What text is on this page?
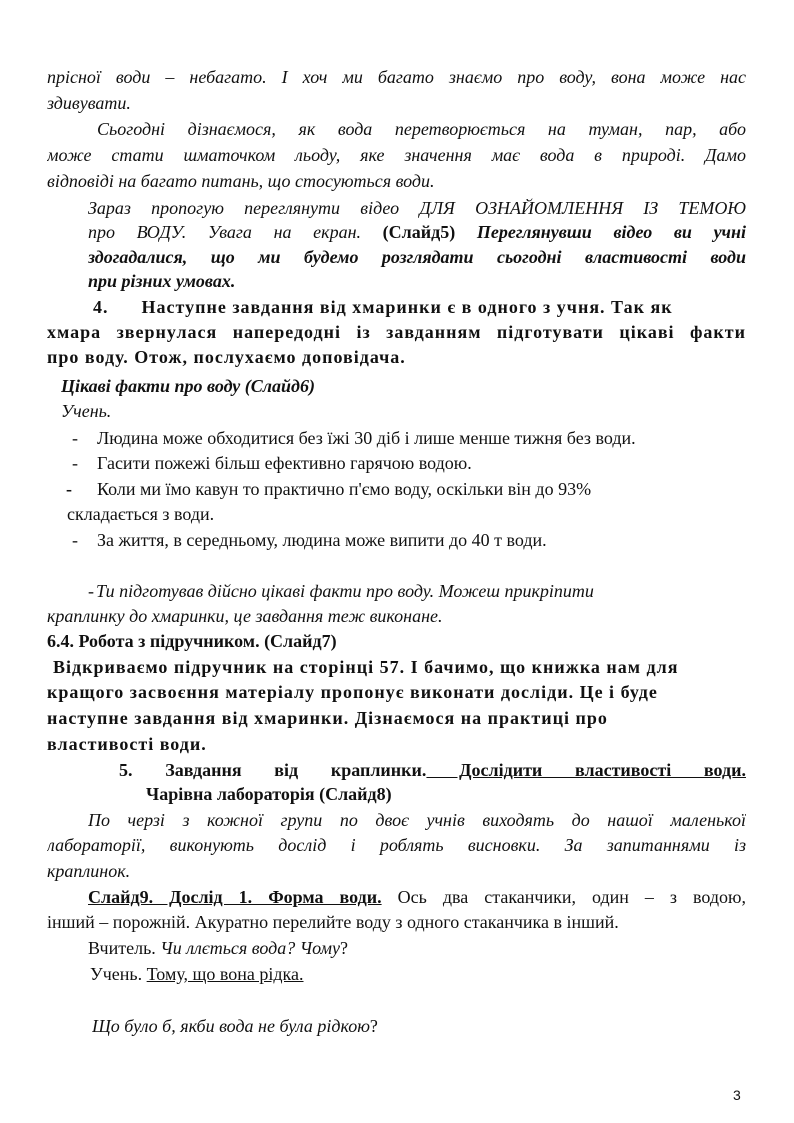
прісної води – небагато. І хоч ми багато знаємо про воду, вона може нас
здивувати.
Сьогодні дізнаємося, як вода перетворюється на туман, пар, або
може стати шматочком льоду, яке значення має вода в природі. Дамо
відповіді на багато питань, що стосуються води.
Зараз пропогую переглянути відео ДЛЯ ОЗНАЙОМЛЕННЯ ІЗ ТЕМОЮ
про ВОДУ. Увага на екран. (Слайд5) Переглянувши відео ви учні
здогадалися, що ми будемо розглядати сьогодні властивості води
при різних умовах.
4.      Наступне завдання від хмаринки є в одного з учня. Так як
хмара звернулася напередодні із завданням підготувати цікаві факти
про воду. Отож, послухаємо доповідача.
Цікаві факти про воду (Слайд6)
Учень.
-	Людина може обходитися без їжі 30 діб і лише менше тижня без води.
-	Гасити пожежі більш ефективно гарячою водою.
-	Коли ми їмо кавун то практично п'ємо воду, оскільки він до 93%
складається з води.
-	За життя, в середньому, людина може випити до 40 т води.
- Ти підготував дійсно цікаві факти про воду. Можеш прикріпити
краплинку до хмаринки, це завдання теж виконане.
6.4. Робота з підручником. (Слайд7)
Відкриваємо підручник на сторінці 57. І бачимо, що книжка нам для
кращого засвоєння матеріалу пропонує виконати досліди. Це і буде
наступне завдання від хмаринки. Дізнаємося на практиці про
властивості води.
5. Завдання від краплинки. Дослідити властивості води.
Чарівна лабораторія (Слайд8)
По черзі з кожної групи по двоє учнів виходять до нашої маленької
лабораторії, виконують дослід і роблять висновки. За запитаннями із
краплинок.
Слайд9. Дослід 1. Форма води. Ось два стаканчики, один – з водою,
інший – порожній. Акуратно перелийте воду з одного стаканчика в інший.
Вчитель. Чи ллється вода? Чому?
Учень. Тому, що вона рідка.
Що було б, якби вода не була рідкою?
3
